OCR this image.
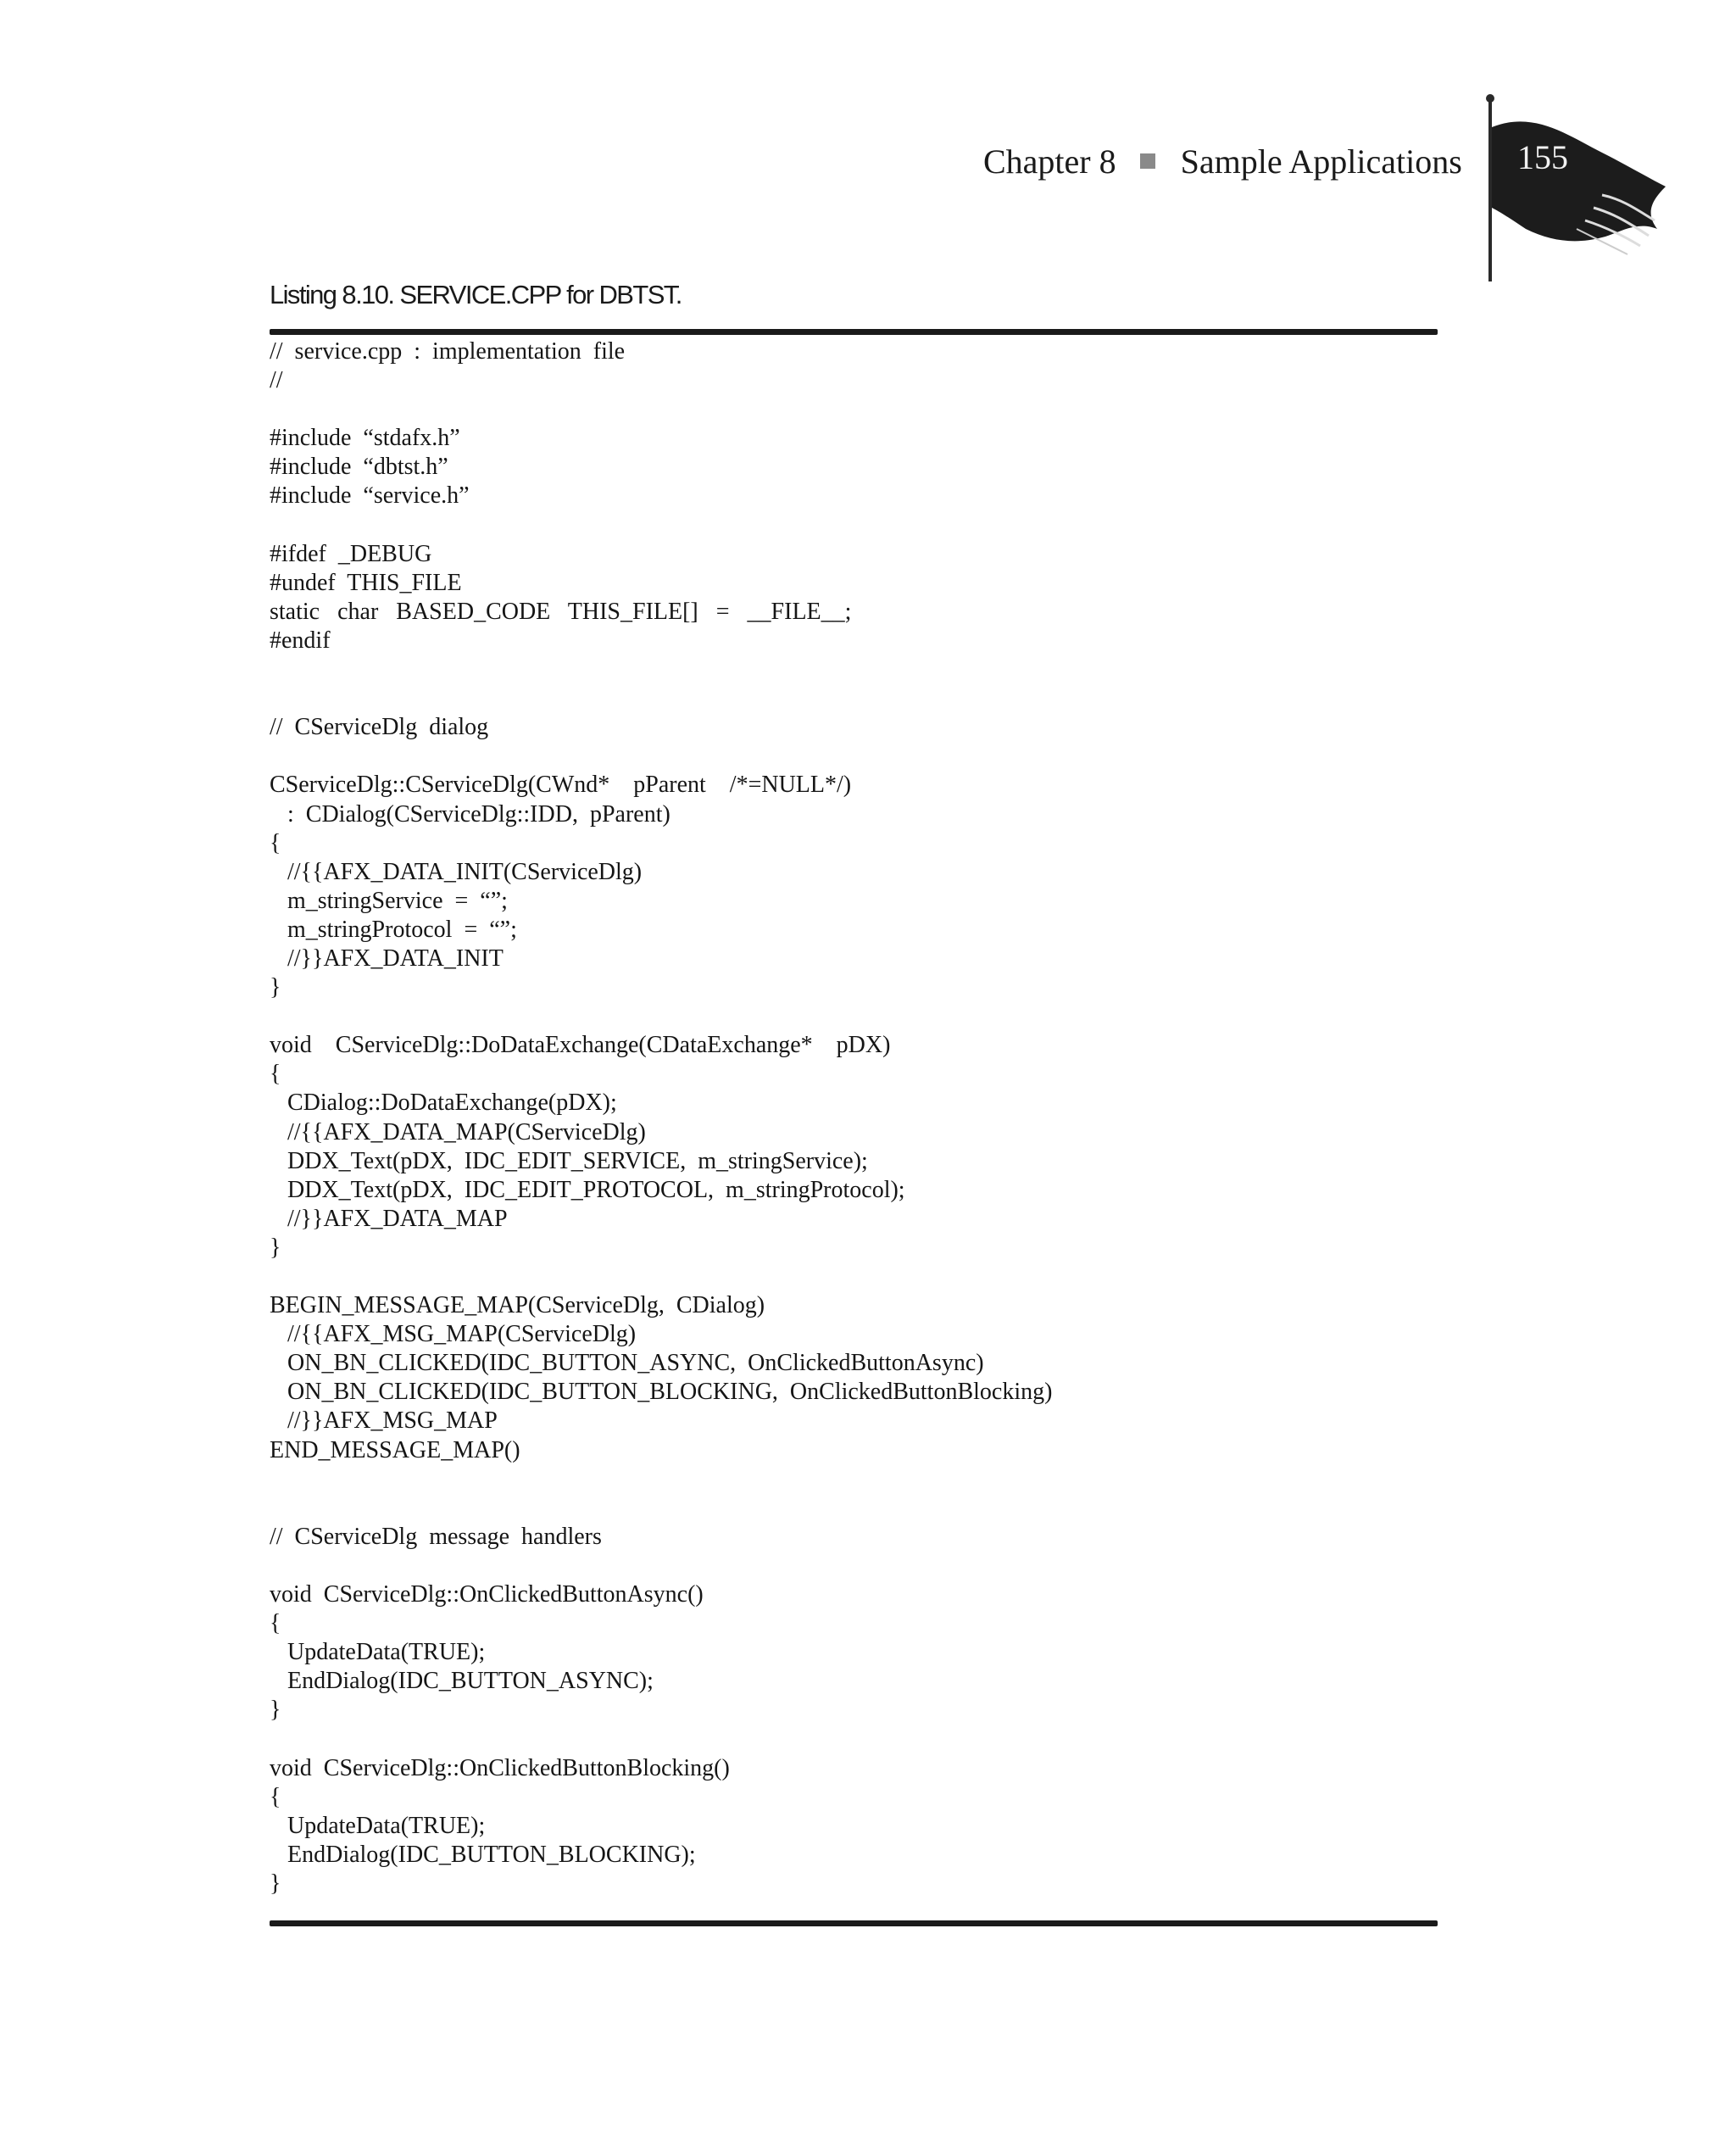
Chapter 8 Sample Applications 155
Listing 8.10. SERVICE.CPP for DBTST.
//  service.cpp  :  implementation  file
//
#include  “stdafx.h”
#include  “dbtst.h”
#include  “service.h”
#ifdef  _DEBUG
#undef  THIS_FILE
static   char   BASED_CODE   THIS_FILE[]   =   __FILE__;
#endif
//  CServiceDlg  dialog
CServiceDlg::CServiceDlg(CWnd*    pParent    /*=NULL*/)
:  CDialog(CServiceDlg::IDD,  pParent)
{
//{{AFX_DATA_INIT(CServiceDlg)
m_stringService  =  “”;
m_stringProtocol  =  “”;
//}}AFX_DATA_INIT
}
void    CServiceDlg::DoDataExchange(CDataExchange*    pDX)
{
CDialog::DoDataExchange(pDX);
//{{AFX_DATA_MAP(CServiceDlg)
DDX_Text(pDX,  IDC_EDIT_SERVICE,  m_stringService);
DDX_Text(pDX,  IDC_EDIT_PROTOCOL,  m_stringProtocol);
//}}AFX_DATA_MAP
}
BEGIN_MESSAGE_MAP(CServiceDlg,  CDialog)
//{{AFX_MSG_MAP(CServiceDlg)
ON_BN_CLICKED(IDC_BUTTON_ASYNC,  OnClickedButtonAsync)
ON_BN_CLICKED(IDC_BUTTON_BLOCKING,  OnClickedButtonBlocking)
//}}AFX_MSG_MAP
END_MESSAGE_MAP()
//  CServiceDlg  message  handlers
void  CServiceDlg::OnClickedButtonAsync()
{
UpdateData(TRUE);
EndDialog(IDC_BUTTON_ASYNC);
}
void  CServiceDlg::OnClickedButtonBlocking()
{
UpdateData(TRUE);
EndDialog(IDC_BUTTON_BLOCKING);
}
